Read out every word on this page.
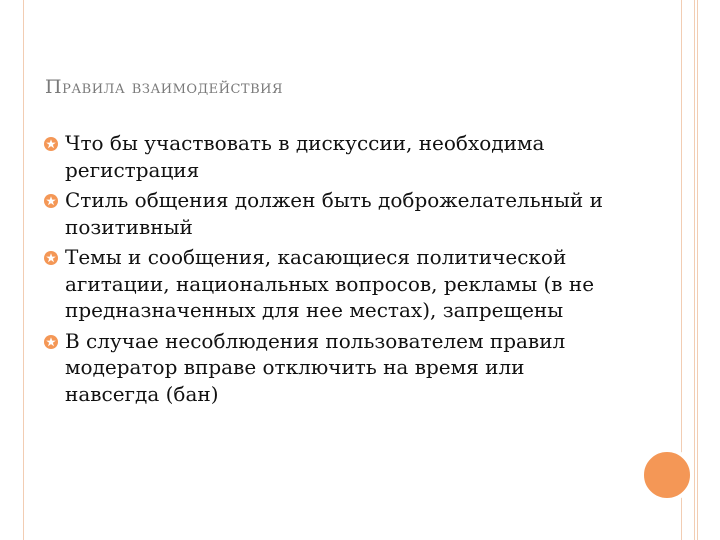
Правила взаимодействия
Что бы участвовать в дискуссии, необходима регистрация
Стиль общения должен быть доброжелательный и позитивный
Темы и сообщения, касающиеся политической агитации, национальных вопросов, рекламы (в не предназначенных для нее местах), запрещены
В случае несоблюдения пользователем правил модератор вправе отключить на время или навсегда (бан)
